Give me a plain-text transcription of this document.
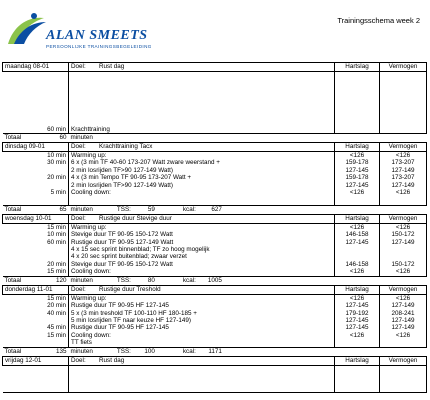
ALAN SMEETS
PERSOONLIJKE TRAININGSBEGELEIDING
Trainingsschema week 2
maandag 08-01	Doel: Rust dag	Hartslag	Vermogen

60 min	Krachttraining		
Totaal 60	minuten		
dinsdag 09-01	Doel: Krachttraining Tacx	Hartslag	Vermogen
10 min	Warming up:	<126	<126
30 min	6 x (3 min TF 40-60 173-207 Watt zware weerstand +	159-178	173-207
	2 min losrijden TF>90 127-149 Watt)	127-145	127-149
20 min	4 x (3 min Tempo TF 90-95 173-207 Watt +	159-178	173-207
	2 min losrijden TF>90 127-149 Watt)	127-145	127-149
5 min	Cooling down:	<126	<126

Totaal 65	minuten TSS: 59 kcal: 627		
woensdag 10-01	Doel: Rustige duur Stevige duur	Hartslag	Vermogen
15 min	Warming up:	<126	<126
10 min	Stevige duur TF 90-95 150-172 Watt	146-158	150-172
60 min	Rustige duur TF 90-95 127-149 Watt	127-145	127-149
	4 x 15 sec sprint binnenblad; TF zo hoog mogelijk		
	4 x 20 sec sprint buitenblad; zwaar verzet		
20 min	Stevige duur TF 90-95 150-172 Watt	146-158	150-172
15 min	Cooling down:	<126	<126
Totaal 120	minuten TSS: 80 kcal: 1005		
donderdag 11-01	Doel: Rustige duur Treshold	Hartslag	Vermogen
15 min	Warming up:	<126	<126
20 min	Rustige duur TF 90-95 HF 127-145	127-145	127-149
40 min	5 x (3 min treshold TF 100-110 HF 180-185 +	179-192	208-241
	5 min losrijden TF naar keuze HF 127-149)	127-145	127-149
45 min	Rustige duur TF 90-95 HF 127-145	127-145	127-149
15 min	Cooling down:	<126	<126
	TT fiets		
Totaal 135	minuten TSS: 100 kcal: 1171		
vrijdag 12-01	Doel: Rust dag	Hartslag	Vermogen
